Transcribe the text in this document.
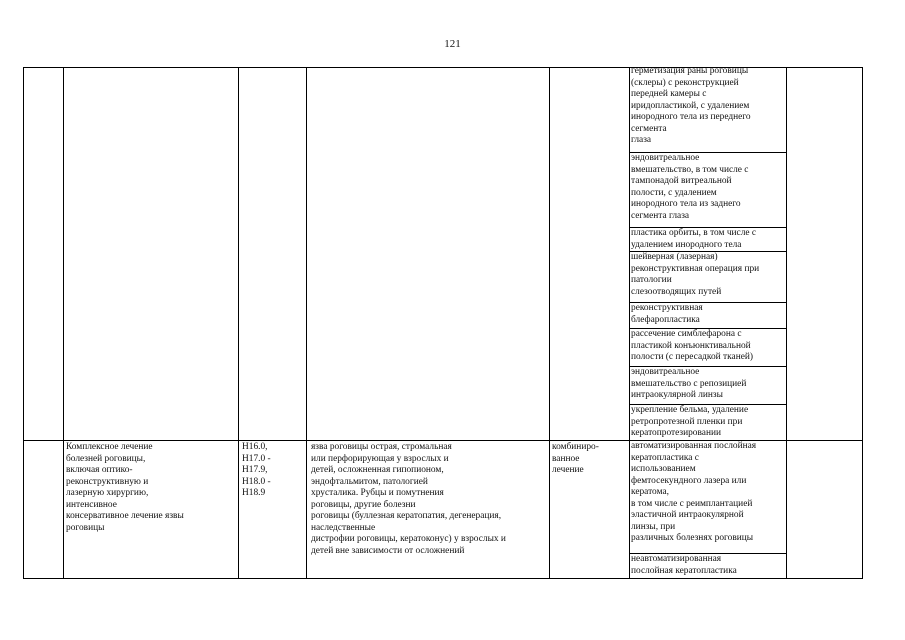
121
герметизация раны роговицы
(склеры) с реконструкцией
передней камеры с
иридопластикой, с удалением
инородного тела из переднего
сегмента
глаза
эндовитреальное
вмешательство, в том числе с
тампонадой витреальной
полости, с удалением
инородного тела из заднего
сегмента глаза
пластика орбиты, в том числе с
удалением инородного тела
шейверная (лазерная)
реконструктивная операция при
патологии
слезоотводящих путей
реконструктивная
блефаропластика
рассечение симблефарона с
пластикой конъюнктивальной
полости (с пересадкой тканей)
эндовитреальное
вмешательство с репозицией
интраокулярной линзы
укрепление бельма, удаление
ретропротезной пленки при
кератопротезировании
Комплексное лечение
болезней роговицы,
включая оптико-
реконструктивную и
лазерную хирургию,
интенсивное
консервативное лечение язвы
роговицы
H16.0,
H17.0 -
H17.9,
H18.0 -
H18.9
язва роговицы острая, стромальная
или перфорирующая у взрослых и
детей, осложненная гипопионом,
эндофтальмитом, патологией
хрусталика. Рубцы и помутнения
роговицы, другие болезни
роговицы (буллезная кератопатия, дегенерация,
наследственные
дистрофии роговицы, кератоконус) у взрослых и
детей вне зависимости от осложнений
комбиниро-
ванное
лечение
автоматизированная послойная
кератопластика с
использованием
фемтосекундного лазера или
кератома,
в том числе с реимплантацией
эластичной интраокулярной
линзы, при
различных болезнях роговицы
неавтоматизированная
послойная кератопластика
